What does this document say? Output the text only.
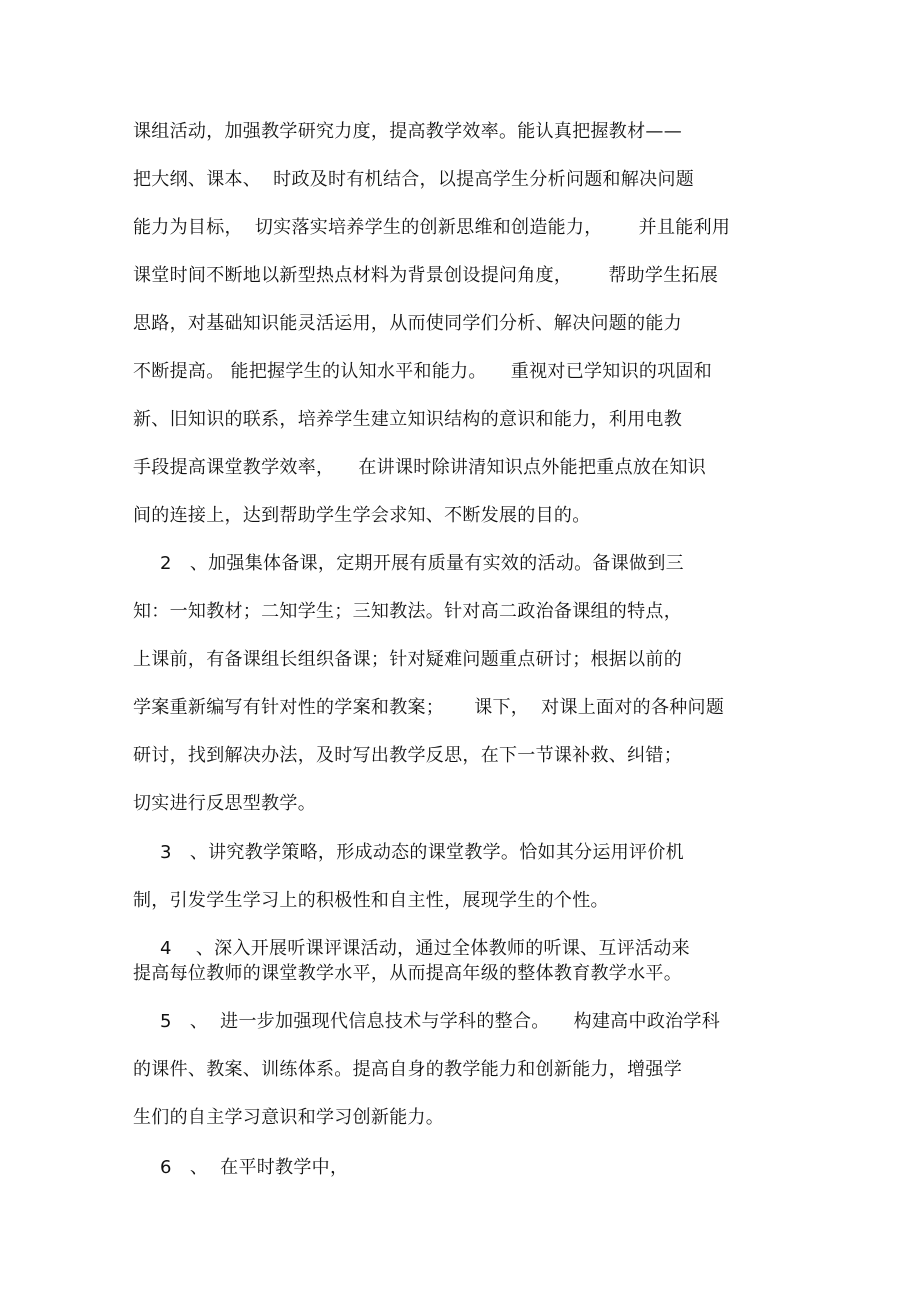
课组活动，加强教学研究力度，提高教学效率。能认真把握教材——
把大纲、课本、  时政及时有机结合，以提高学生分析问题和解决问题
能力为目标，  切实落实培养学生的创新思维和创造能力，      并且能利用
课堂时间不断地以新型热点材料为背景创设提问角度，      帮助学生拓展
思路，对基础知识能灵活运用，从而使同学们分析、解决问题的能力
不断提高。 能把握学生的认知水平和能力。    重视对已学知识的巩固和
新、旧知识的联系，培养学生建立知识结构的意识和能力，利用电教
手段提高课堂教学效率，    在讲课时除讲清知识点外能把重点放在知识
间的连接上，达到帮助学生学会求知、不断发展的目的。
2   、加强集体备课，定期开展有质量有实效的活动。备课做到三
知：一知教材；二知学生；三知教法。针对高二政治备课组的特点，
上课前，有备课组长组织备课；针对疑难问题重点研讨；根据以前的
学案重新编写有针对性的学案和教案；     课下，  对课上面对的各种问题
研讨，找到解决办法，及时写出教学反思，在下一节课补救、纠错；
切实进行反思型教学。
3   、讲究教学策略，形成动态的课堂教学。恰如其分运用评价机
制，引发学生学习上的积极性和自主性，展现学生的个性。
4    、深入开展听课评课活动，通过全体教师的听课、互评活动来
提高每位教师的课堂教学水平，从而提高年级的整体教育教学水平。
5   、  进一步加强现代信息技术与学科的整合。    构建高中政治学科
的课件、教案、训练体系。提高自身的教学能力和创新能力，增强学
生们的自主学习意识和学习创新能力。
6   、  在平时教学中，
